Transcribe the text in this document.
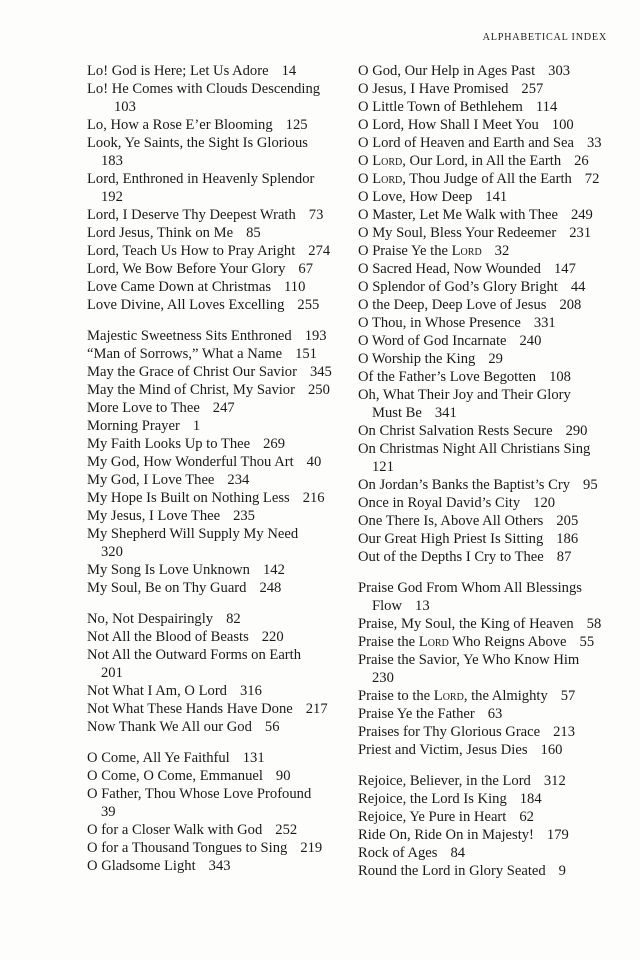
ALPHABETICAL INDEX
Lo! God is Here; Let Us Adore 14
Lo! He Comes with Clouds Descending103
Lo, How a Rose E’er Blooming 125
Look, Ye Saints, the Sight Is Glorious183
Lord, Enthroned in Heavenly Splendor192
Lord, I Deserve Thy Deepest Wrath 73
Lord Jesus, Think on Me 85
Lord, Teach Us How to Pray Aright 274
Lord, We Bow Before Your Glory 67
Love Came Down at Christmas 110
Love Divine, All Loves Excelling 255
Majestic Sweetness Sits Enthroned 193
“Man of Sorrows,” What a Name 151
May the Grace of Christ Our Savior 345
May the Mind of Christ, My Savior 250
More Love to Thee 247
Morning Prayer 1
My Faith Looks Up to Thee 269
My God, How Wonderful Thou Art 40
My God, I Love Thee 234
My Hope Is Built on Nothing Less 216
My Jesus, I Love Thee 235
My Shepherd Will Supply My Need320
My Song Is Love Unknown 142
My Soul, Be on Thy Guard 248
No, Not Despairingly 82
Not All the Blood of Beasts 220
Not All the Outward Forms on Earth201
Not What I Am, O Lord 316
Not What These Hands Have Done 217
Now Thank We All our God 56
O Come, All Ye Faithful 131
O Come, O Come, Emmanuel 90
O Father, Thou Whose Love Profound39
O for a Closer Walk with God 252
O for a Thousand Tongues to Sing 219
O Gladsome Light 343
O God, Our Help in Ages Past 303
O Jesus, I Have Promised 257
O Little Town of Bethlehem 114
O Lord, How Shall I Meet You 100
O Lord of Heaven and Earth and Sea 33
O Lord, Our Lord, in All the Earth 26
O Lord, Thou Judge of All the Earth 72
O Love, How Deep 141
O Master, Let Me Walk with Thee 249
O My Soul, Bless Your Redeemer 231
O Praise Ye the Lord 32
O Sacred Head, Now Wounded 147
O Splendor of God’s Glory Bright 44
O the Deep, Deep Love of Jesus 208
O Thou, in Whose Presence 331
O Word of God Incarnate 240
O Worship the King 29
Of the Father’s Love Begotten 108
Oh, What Their Joy and Their Glory Must Be 341
On Christ Salvation Rests Secure 290
On Christmas Night All Christians Sing121
On Jordan’s Banks the Baptist’s Cry 95
Once in Royal David’s City 120
One There Is, Above All Others 205
Our Great High Priest Is Sitting 186
Out of the Depths I Cry to Thee 87
Praise God From Whom All Blessings Flow 13
Praise, My Soul, the King of Heaven 58
Praise the Lord Who Reigns Above 55
Praise the Savior, Ye Who Know Him230
Praise to the Lord, the Almighty 57
Praise Ye the Father 63
Praises for Thy Glorious Grace 213
Priest and Victim, Jesus Dies 160
Rejoice, Believer, in the Lord 312
Rejoice, the Lord Is King 184
Rejoice, Ye Pure in Heart 62
Ride On, Ride On in Majesty! 179
Rock of Ages 84
Round the Lord in Glory Seated 9
